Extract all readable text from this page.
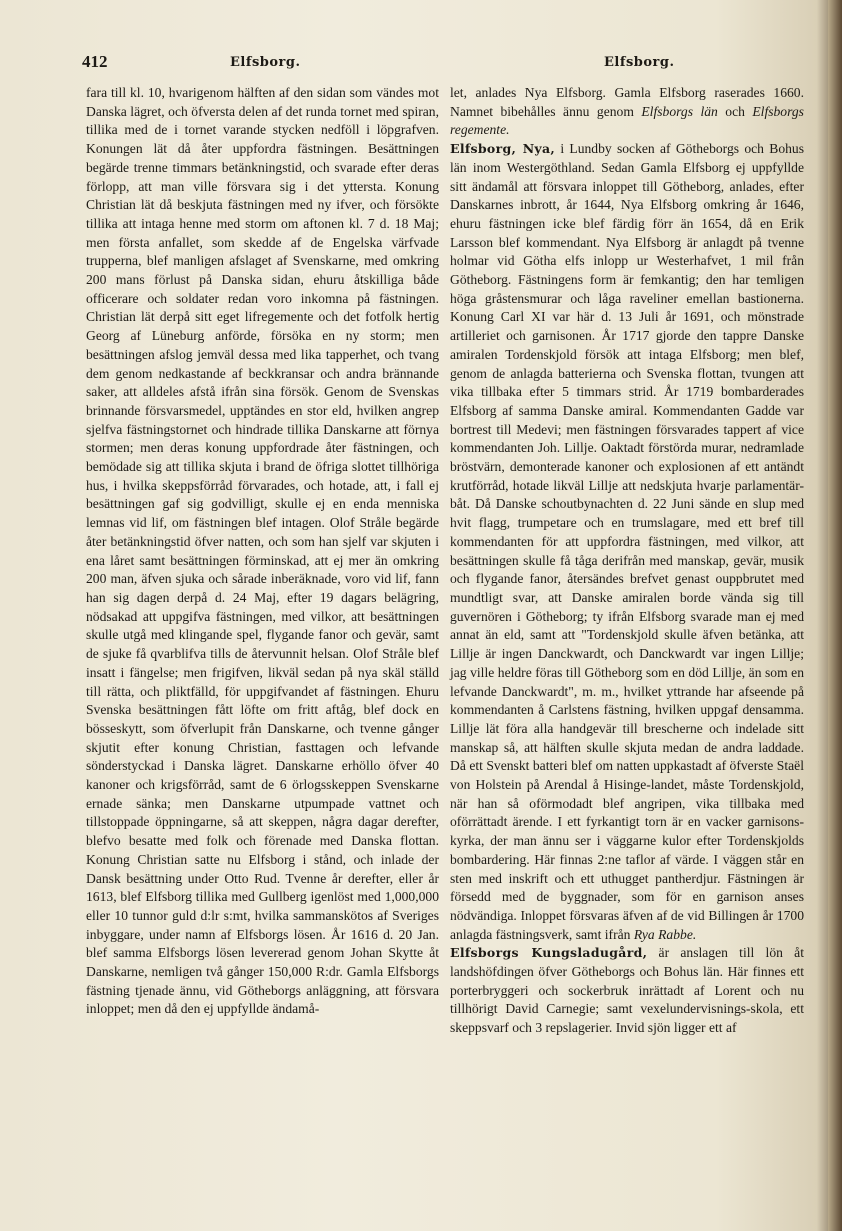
412	Elfsborg.	Elfsborg.

fara till kl. 10, hvarigenom hälften af den sidan som vändes mot Danska lägret, och öfversta delen af det runda tornet med spiran, tillika med de i tornet varande stycken nedföll i löpgrafven. Konungen lät då åter uppfordra fästningen. Besättningen begärde trenne timmars betänkningstid, och svarade efter deras förlopp, att man ville försvara sig i det yttersta. Konung Christian lät då beskjuta fästningen med ny ifver, och försökte tillika att intaga henne med storm om aftonen kl. 7 d. 18 Maj; men första anfallet, som skedde af de Engelska värfvade trupperna, blef manligen afslaget af Svenskarne, med omkring 200 mans förlust på Danska sidan, ehuru åtskilliga både officerare och soldater redan voro inkomna på fästningen. Christian lät derpå sitt eget lifregemente och det fotfolk hertig Georg af Lüneburg anförde, försöka en ny storm; men besättningen afslog jemväl dessa med lika tapperhet, och tvang dem genom nedkastande af beckkransar och andra brännande saker, att alldeles afstå ifrån sina försök. Genom de Svenskas brinnande försvarsmedel, upptändes en stor eld, hvilken angrep sjelfva fästningstornet och hindrade tillika Danskarne att förnya stormen; men deras konung uppfordrade åter fästningen, och bemödade sig att tillika skjuta i brand de öfriga slottet tillhöriga hus, i hvilka skeppsförråd förvarades, och hotade, att, i fall ej besättningen gaf sig godvilligt, skulle ej en enda menniska lemnas vid lif, om fästningen blef intagen. Olof Stråle begärde åter betänkningstid öfver natten, och som han sjelf var skjuten i ena låret samt besättningen förminskad, att ej mer än omkring 200 man, äfven sjuka och sårade inberäknade, voro vid lif, fann han sig dagen derpå d. 24 Maj, efter 19 dagars belägring, nödsakad att uppgifva fästningen, med vilkor, att besättningen skulle utgå med klingande spel, flygande fanor och gevär, samt de sjuke få qvarblifva tills de återvunnit helsan. Olof Stråle blef insatt i fängelse; men frigifven, likväl sedan på nya skäl ställd till rätta, och pliktfälld, för uppgifvandet af fästningen. Ehuru Svenska besättningen fått löfte om fritt aftåg, blef dock en bösseskytt, som öfverlupit från Danskarne, och tvenne gånger skjutit efter konung Christian, fasttagen och lefvande sönderstyckad i Danska lägret. Danskarne erhöllo öfver 40 kanoner och krigsförråd, samt de 6 örlogsskeppen Svenskarne ernade sänka; men Danskarne utpumpade vattnet och tillstoppade öppningarne, så att skeppen, några dagar derefter, blefvo besatte med folk och förenade med Danska flottan. Konung Christian satte nu Elfsborg i stånd, och inlade der Dansk besättning under Otto Rud. Tvenne år derefter, eller år 1613, blef Elfsborg tillika med Gullberg igenlöst med 1,000,000 eller 10 tunnor guld d:lr s:mt, hvilka sammanskötos af Sveriges inbyggare, under namn af Elfsborgs lösen. År 1616 d. 20 Jan. blef samma Elfsborgs lösen levererad genom Johan Skytte åt Danskarne, nemligen två gånger 150,000 R:dr. Gamla Elfsborgs fästning tjenade ännu, vid Götheborgs anläggning, att försvara inloppet; men då den ej uppfyllde ändamå-

let, anlades Nya Elfsborg. Gamla Elfsborg raserades 1660. Namnet bibehålles ännu genom Elfsborgs län och Elfsborgs regemente.

Elfsborg, Nya, i Lundby socken af Götheborgs och Bohus län inom Westergöthland. Sedan Gamla Elfsborg ej uppfyllde sitt ändamål att försvara inloppet till Götheborg, anlades, efter Danskarnes inbrott, år 1644, Nya Elfsborg omkring år 1646, ehuru fästningen icke blef färdig förr än 1654, då en Erik Larsson blef kommendant. Nya Elfsborg är anlagdt på tvenne holmar vid Götha elfs inlopp ur Westerhafvet, 1 mil från Götheborg. Fästningens form är femkantig; den har temligen höga gråstensmurar och låga raveliner emellan bastionerna. Konung Carl XI var här d. 13 Juli år 1691, och mönstrade artilleriet och garnisonen. År 1717 gjorde den tappre Danske amiralen Tordenskjold försök att intaga Elfsborg; men blef, genom de anlagda batterierna och Svenska flottan, tvungen att vika tillbaka efter 5 timmars strid. År 1719 bombarderades Elfsborg af samma Danske amiral. Kommendanten Gadde var bortrest till Medevi; men fästningen försvarades tappert af vice kommendanten Joh. Lillje. Oaktadt förstörda murar, nedramlade bröstvärn, demonterade kanoner och explosionen af ett antändt krutförråd, hotade likväl Lillje att nedskjuta hvarje parlamentär-båt. Då Danske schoutbynachten d. 22 Juni sände en slup med hvit flagg, trumpetare och en trumslagare, med ett bref till kommendanten för att uppfordra fästningen, med vilkor, att besättningen skulle få tåga derifrån med manskap, gevär, musik och flygande fanor, återsändes brefvet genast ouppbrutet med mundtligt svar, att Danske amiralen borde vända sig till guvernören i Götheborg; ty ifrån Elfsborg svarade man ej med annat än eld, samt att "Tordenskjold skulle äfven betänka, att Lillje är ingen Danckwardt, och Danckwardt var ingen Lillje; jag ville heldre föras till Götheborg som en död Lillje, än som en lefvande Danckwardt", m. m., hvilket yttrande har afseende på kommendanten å Carlstens fästning, hvilken uppgaf densamma. Lillje lät föra alla handgevär till brescherne och indelade sitt manskap så, att hälften skulle skjuta medan de andra laddade. Då ett Svenskt batteri blef om natten uppkastadt af öfverste Staël von Holstein på Arendal å Hisinge-landet, måste Tordenskjold, när han så oförmodadt blef angripen, vika tillbaka med oförrättadt ärende. I ett fyrkantigt torn är en vacker garnisons-kyrka, der man ännu ser i väggarne kulor efter Tordenskjolds bombardering. Här finnas 2:ne taflor af värde. I väggen står en sten med inskrift och ett uthugget pantherdjur. Fästningen är försedd med de byggnader, som för en garnison anses nödvändiga. Inloppet försvaras äfven af de vid Billingen år 1700 anlagda fästningsverk, samt ifrån Rya Rabbe.

Elfsborgs Kungsladugård, är anslagen till lön åt landshöfdingen öfver Götheborgs och Bohus län. Här finnes ett porterbryggeri och sockerbruk inrättadt af Lorent och nu tillhörigt David Carnegie; samt vexelundervisnings-skola, ett skeppsvarf och 3 repslagerier. Invid sjön ligger ett af
